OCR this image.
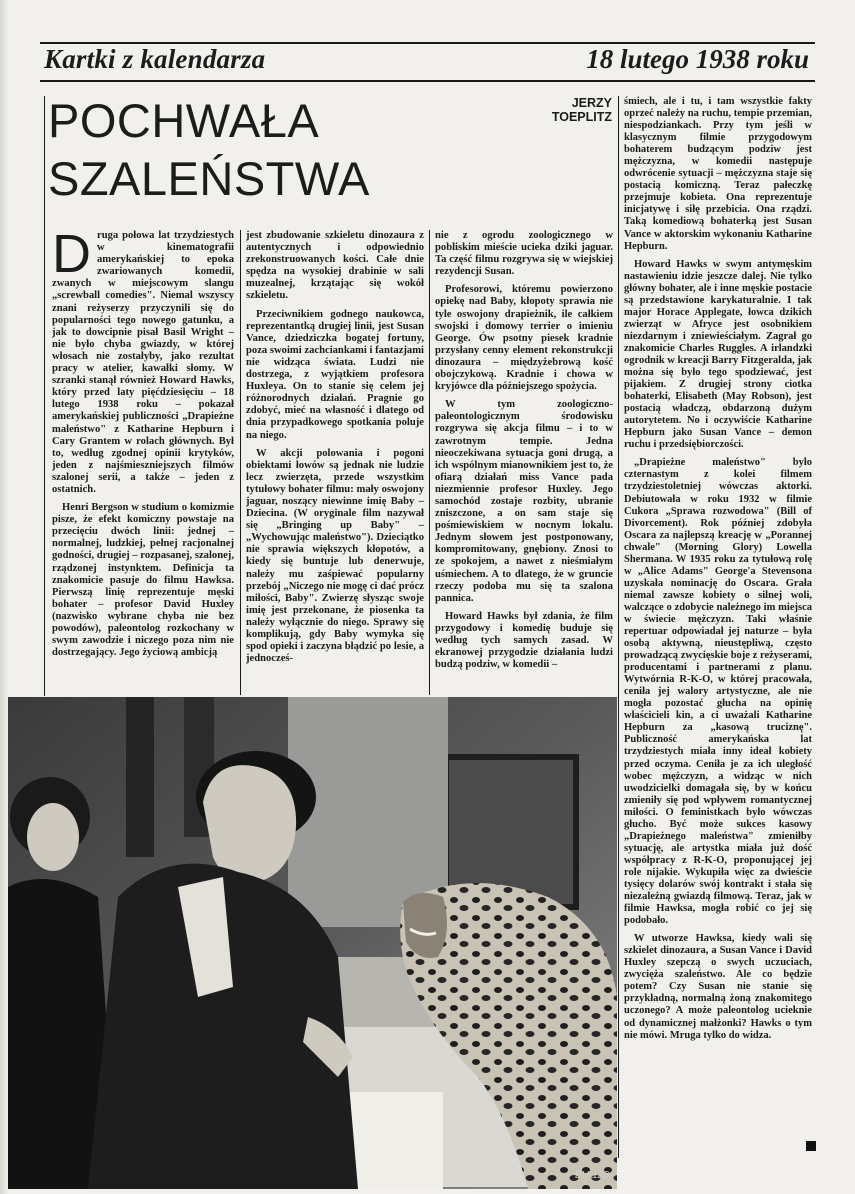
Kartki z kalendarza	18 lutego 1938 roku
POCHWAŁA
SZALEŃSTWA
JERZY
TOEPLITZ

Druga połowa lat trzydziestych w kinematografii amerykańskiej to epoka zwariowanych komedii, zwanych w miejscowym slangu „screwball comedies". Niemal wszyscy znani reżyserzy przyczynili się do popularności tego nowego gatunku, a jak to dowcipnie pisał Basil Wright – nie było chyba gwiazdy, w której włosach nie zostałyby, jako rezultat pracy w atelier, kawałki słomy. W szranki stanął również Howard Hawks, który przed laty pięćdziesięciu – 18 lutego 1938 roku – pokazał amerykańskiej publiczności „Drapieżne maleństwo" z Katharine Hepburn i Cary Grantem w rolach głównych. Był to, według zgodnej opinii krytyków, jeden z najśmieszniejszych filmów szalonej serii, a także – jeden z ostatnich.

Henri Bergson w studium o komizmie pisze, że efekt komiczny powstaje na przecięciu dwóch linii: jednej – normalnej, ludzkiej, pełnej racjonalnej godności, drugiej – rozpasanej, szalonej, rządzonej instynktem. Definicja ta znakomicie pasuje do filmu Hawksa. Pierwszą linię reprezentuje męski bohater – profesor David Huxley (nazwisko wybrane chyba nie bez powodów), paleontolog rozkochany w swym zawodzie i niczego poza nim nie dostrzegający. Jego życiową ambicją

jest zbudowanie szkieletu dinozaura z autentycznych i odpowiednio zrekonstruowanych kości. Całe dnie spędza na wysokiej drabinie w sali muzealnej, krzątając się wokół szkieletu.

Przeciwnikiem godnego naukowca, reprezentantką drugiej linii, jest Susan Vance, dziedziczka bogatej fortuny, poza swoimi zachciankami i fantazjami nie widząca świata. Ludzi nie dostrzega, z wyjątkiem profesora Huxleya. On to stanie się celem jej różnorodnych działań. Pragnie go zdobyć, mieć na własność i dlatego od dnia przypadkowego spotkania poluje na niego.

W akcji polowania i pogoni obiektami łowów są jednak nie ludzie lecz zwierzęta, przede wszystkim tytułowy bohater filmu: mały oswojony jaguar, noszący niewinne imię Baby – Dziecina. (W oryginale film nazywał się „Bringing up Baby" – „Wychowując maleństwo"). Dzieciątko nie sprawia większych kłopotów, a kiedy się buntuje lub denerwuje, należy mu zaśpiewać popularny przebój „Niczego nie mogę ci dać prócz miłości, Baby". Zwierzę słysząc swoje imię jest przekonane, że piosenka ta należy wyłącznie do niego. Sprawy się komplikują, gdy Baby wymyka się spod opieki i zaczyna błądzić po lesie, a jednocześ-

nie z ogrodu zoologicznego w pobliskim mieście ucieka dziki jaguar. Ta część filmu rozgrywa się w wiejskiej rezydencji Susan.

Profesorowi, któremu powierzono opiekę nad Baby, kłopoty sprawia nie tyle oswojony drapieżnik, ile całkiem swojski i domowy terrier o imieniu George. Ów psotny piesek kradnie przysłany cenny element rekonstrukcji dinozaura – międzyżebrową kość obojczykową. Kradnie i chowa w kryjówce dla późniejszego spożycia.

W tym zoologiczno-paleontologicznym środowisku rozgrywa się akcja filmu – i to w zawrotnym tempie. Jedna nieoczekiwana sytuacja goni drugą, a ich wspólnym mianownikiem jest to, że ofiarą działań miss Vance pada niezmiennie profesor Huxley. Jego samochód zostaje rozbity, ubranie zniszczone, a on sam staje się pośmiewiskiem w nocnym lokalu. Jednym słowem jest postponowany, kompromitowany, gnębiony. Znosi to ze spokojem, a nawet z nieśmiałym uśmiechem. A to dlatego, że w gruncie rzeczy podoba mu się ta szalona pannica.

Howard Hawks był zdania, że film przygodowy i komedię buduje się według tych samych zasad. W ekranowej przygodzie działania ludzi budzą podziw, w komedii –

śmiech, ale i tu, i tam wszystkie fakty oprzeć należy na ruchu, tempie przemian, niespodziankach. Przy tym jeśli w klasycznym filmie przygodowym bohaterem budzącym podziw jest mężczyzna, w komedii następuje odwrócenie sytuacji – mężczyzna staje się postacią komiczną. Teraz pałeczkę przejmuje kobieta. Ona reprezentuje inicjatywę i siłę przebicia. Ona rządzi. Taką komediową bohaterką jest Susan Vance w aktorskim wykonaniu Katharine Hepburn.

Howard Hawks w swym antymęskim nastawieniu idzie jeszcze dalej. Nie tylko główny bohater, ale i inne męskie postacie są przedstawione karykaturalnie. I tak major Horace Applegate, łowca dzikich zwierząt w Afryce jest osobnikiem niezdarnym i zniewieściałym. Zagrał go znakomicie Charles Ruggles. A irlandzki ogrodnik w kreacji Barry Fitzgeralda, jak można się było tego spodziewać, jest pijakiem. Z drugiej strony ciotka bohaterki, Elisabeth (May Robson), jest postacią władczą, obdarzoną dużym autorytetem. No i oczywiście Katharine Hepburn jako Susan Vance – demon ruchu i przedsiębiorczości.

„Drapieżne maleństwo" było czternastym z kolei filmem trzydziestoletniej wówczas aktorki. Debiutowała w roku 1932 w filmie Cukora „Sprawa rozwodowa" (Bill of Divorcement). Rok później zdobyła Oscara za najlepszą kreację w „Porannej chwale" (Morning Glory) Lowella Shermana. W 1935 roku za tytułową rolę w „Alice Adams" George'a Stevensona uzyskała nominację do Oscara. Grała niemal zawsze kobiety o silnej woli, walczące o zdobycie należnego im miejsca w świecie mężczyzn. Taki właśnie repertuar odpowiadał jej naturze – była osobą aktywną, nieustępliwą, często prowadzącą zwycięskie boje z reżyserami, producentami i partnerami z planu. Wytwórnia R-K-O, w której pracowała, ceniła jej walory artystyczne, ale nie mogła pozostać głucha na opinię właścicieli kin, a ci uważali Katharine Hepburn za „kasową truciznę". Publiczność amerykańska lat trzydziestych miała inny ideał kobiety przed oczyma. Ceniła je za ich uległość wobec mężczyzn, a widząc w nich uwodzicielki domagała się, by w końcu zmieniły się pod wpływem romantycznej miłości. O feministkach było wówczas głucho. Być może sukces kasowy „Drapieżnego maleństwa" zmieniłby sytuację, ale artystka miała już dość współpracy z R-K-O, proponującej jej role nijakie. Wykupiła więc za dwieście tysięcy dolarów swój kontrakt i stała się niezależną gwiazdą filmową. Teraz, jak w filmie Hawksa, mogła robić co jej się podobało.

W utworze Hawksa, kiedy wali się szkielet dinozaura, a Susan Vance i David Huxley szepczą o swych uczuciach, zwycięża szaleństwo. Ale co będzie potem? Czy Susan nie stanie się przykładną, normalną żoną znakomitego uczonego? A może paleontolog ucieknie od dynamicznej małżonki? Hawks o tym nie mówi. Mruga tylko do widza.

BU-128
